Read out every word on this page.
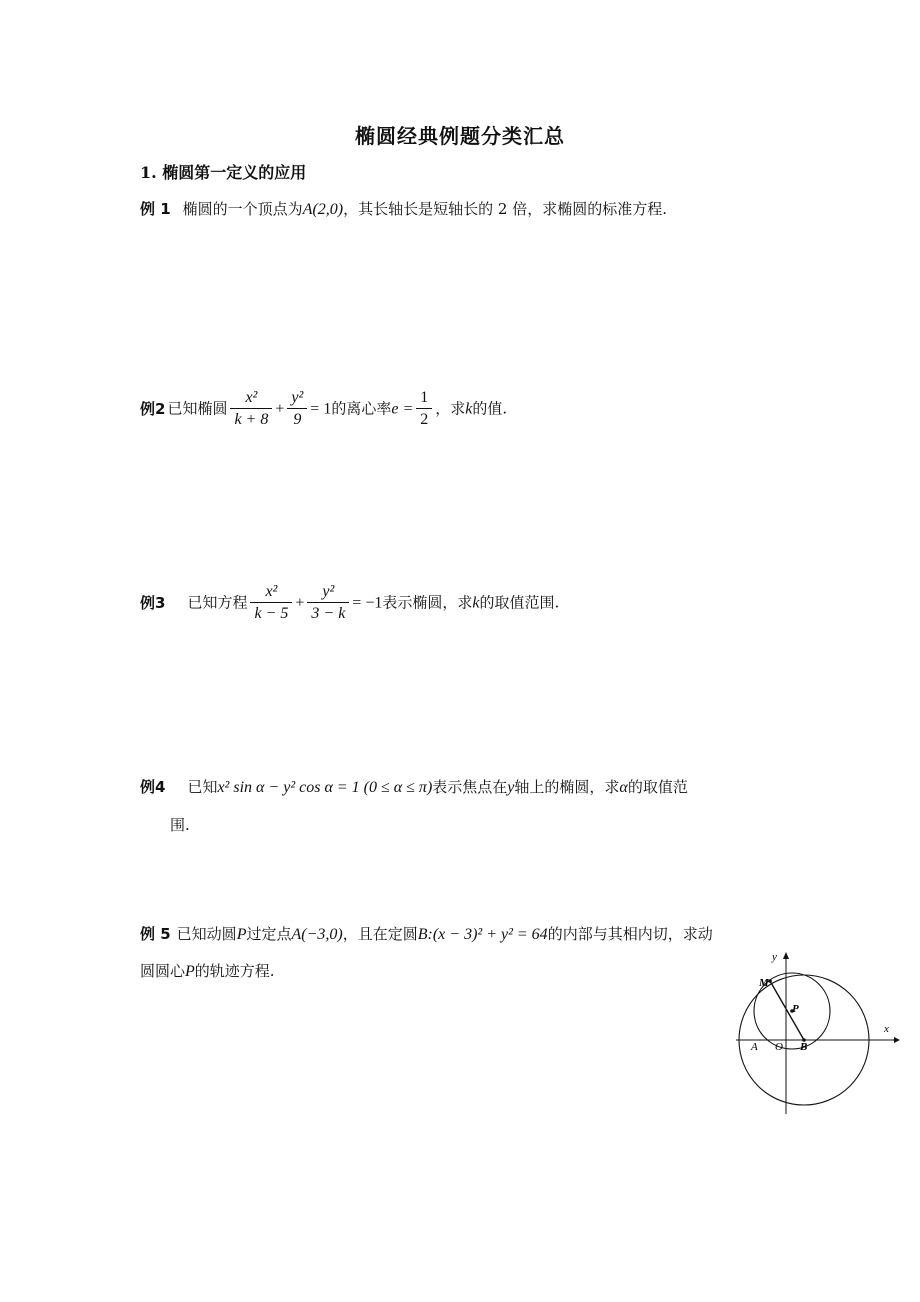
椭圆经典例题分类汇总
1. 椭圆第一定义的应用
例 1 椭圆的一个顶点为A(2,0)，其长轴长是短轴长的 2 倍，求椭圆的标准方程.
例2 已知椭圆 $\frac{\text{x²}}{k + 8} + \frac{\text{y²}}{9} = 1$的离心率$e = \frac{1}{2}$ ，求k的值.
例3 已知方程 $\frac{\text{x²}}{k - 5} + \frac{\text{y²}}{3 - k} = -1$表示椭圆，求k的取值范围.
例4 已知x² sin α − y² cos α = 1 (0 ≤ α ≤ π)表示焦点在y轴上的椭圆，求α的取值范
围.
例 5 已知动圆P过定点A(−3,0)，且在定圆B:(x − 3)² + y² = 64的内部与其相内切，求动
圆圆心P的轨迹方程.
y
x
M
P
A O B
